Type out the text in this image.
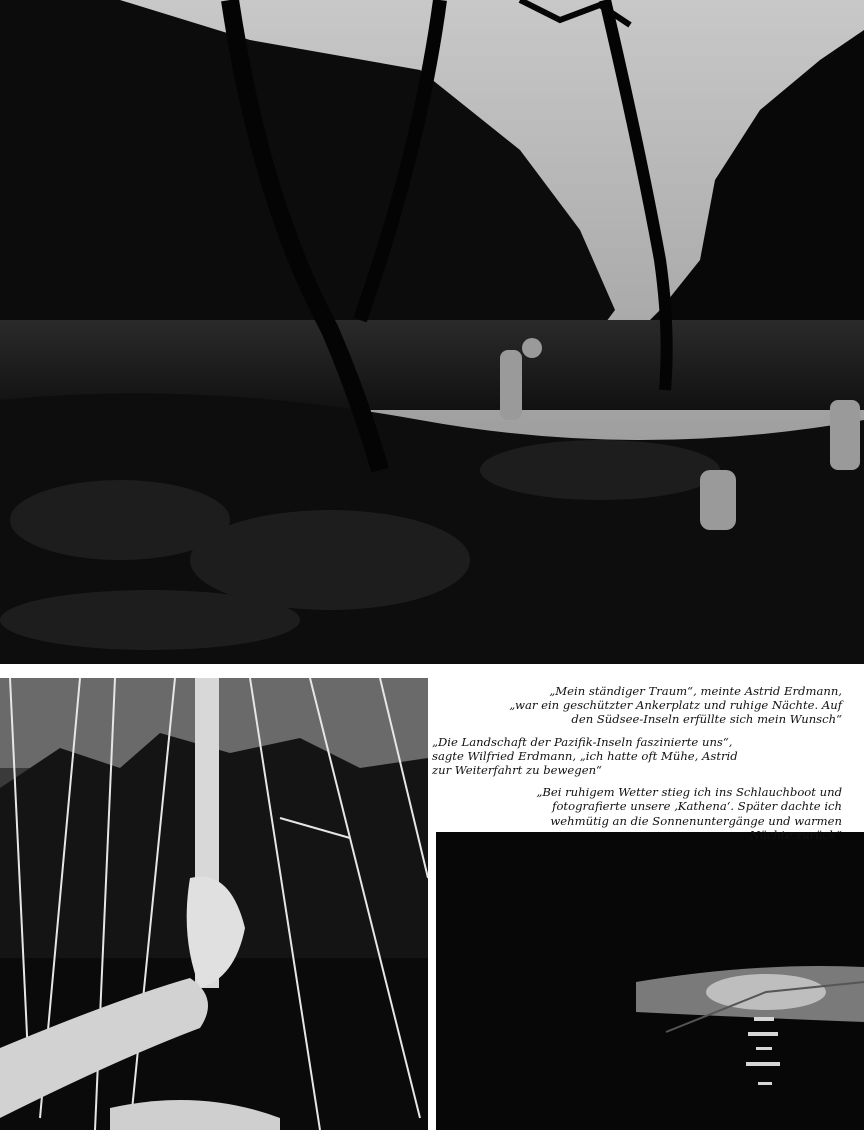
„Mein ständiger Traum“, meinte Astrid Erdmann,
„war ein geschützter Ankerplatz und ruhige Nächte. Auf
den Südsee-Inseln erfüllte sich mein Wunsch“

„Die Landschaft der Pazifik-Inseln faszinierte uns“,
sagte Wilfried Erdmann, „ich hatte oft Mühe, Astrid
zur Weiterfahrt zu bewegen“

„Bei ruhigem Wetter stieg ich ins Schlauchboot und
fotografierte unsere ‚Kathena‘. Später dachte ich
wehmütig an die Sonnenuntergänge und warmen
Nächte zurück“
